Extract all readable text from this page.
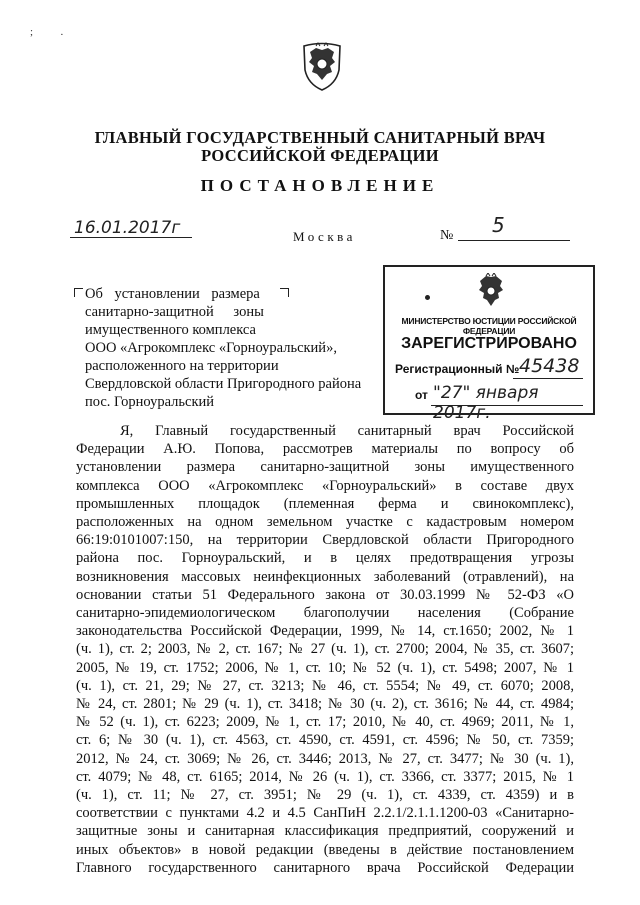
;          .
ГЛАВНЫЙ ГОСУДАРСТВЕННЫЙ САНИТАРНЫЙ ВРАЧ
РОССИЙСКОЙ ФЕДЕРАЦИИ
ПОСТАНОВЛЕНИЕ
16.01.2017г	Москва	№ 5
Об установлении размера
санитарно-защитной зоны
имущественного комплекса
ООО «Агрокомплекс «Горноуральский»,
расположенного на территории
Свердловской области Пригородного района
пос. Горноуральский
МИНИСТЕРСТВО ЮСТИЦИИ РОССИЙСКОЙ ФЕДЕРАЦИИ
ЗАРЕГИСТРИРОВАНО
Регистрационный № 45438
от "27" января 2017г.
Я, Главный государственный санитарный врач Российской
Федерации А.Ю. Попова, рассмотрев материалы по вопросу об
установлении размера санитарно-защитной зоны имущественного
комплекса ООО «Агрокомплекс «Горноуральский» в составе двух
промышленных площадок (племенная ферма и свинокомплекс),
расположенных на одном земельном участке с кадастровым номером
66:19:0101007:150, на территории Свердловской области Пригородного
района пос. Горноуральский, и в целях предотвращения угрозы
возникновения массовых неинфекционных заболеваний (отравлений), на
основании статьи 51 Федерального закона от 30.03.1999 № 52-ФЗ «О
санитарно-эпидемиологическом благополучии населения (Собрание
законодательства Российской Федерации, 1999, № 14, ст.1650; 2002, № 1
(ч. 1), ст. 2; 2003, № 2, ст. 167; № 27 (ч. 1), ст. 2700; 2004, № 35, ст. 3607;
2005, № 19, ст. 1752; 2006, № 1, ст. 10; № 52 (ч. 1), ст. 5498; 2007, № 1
(ч. 1), ст. 21, 29; № 27, ст. 3213; № 46, ст. 5554; № 49, ст. 6070; 2008,
№ 24, ст. 2801; № 29 (ч. 1), ст. 3418; № 30 (ч. 2), ст. 3616; № 44, ст. 4984;
№ 52 (ч. 1), ст. 6223; 2009, № 1, ст. 17; 2010, № 40, ст. 4969; 2011, № 1,
ст. 6; № 30 (ч. 1), ст. 4563, ст. 4590, ст. 4591, ст. 4596; № 50, ст. 7359;
2012, № 24, ст. 3069; № 26, ст. 3446; 2013, № 27, ст. 3477; № 30 (ч. 1),
ст. 4079; № 48, ст. 6165; 2014, № 26 (ч. 1), ст. 3366, ст. 3377; 2015, № 1
(ч. 1), ст. 11; № 27, ст. 3951; № 29 (ч. 1), ст. 4339, ст. 4359) и в
соответствии с пунктами 4.2 и 4.5 СанПиН 2.2.1/2.1.1.1200-03 «Санитарно-
защитные зоны и санитарная классификация предприятий, сооружений и
иных объектов» в новой редакции (введены в действие постановлением
Главного государственного санитарного врача Российской Федерации
